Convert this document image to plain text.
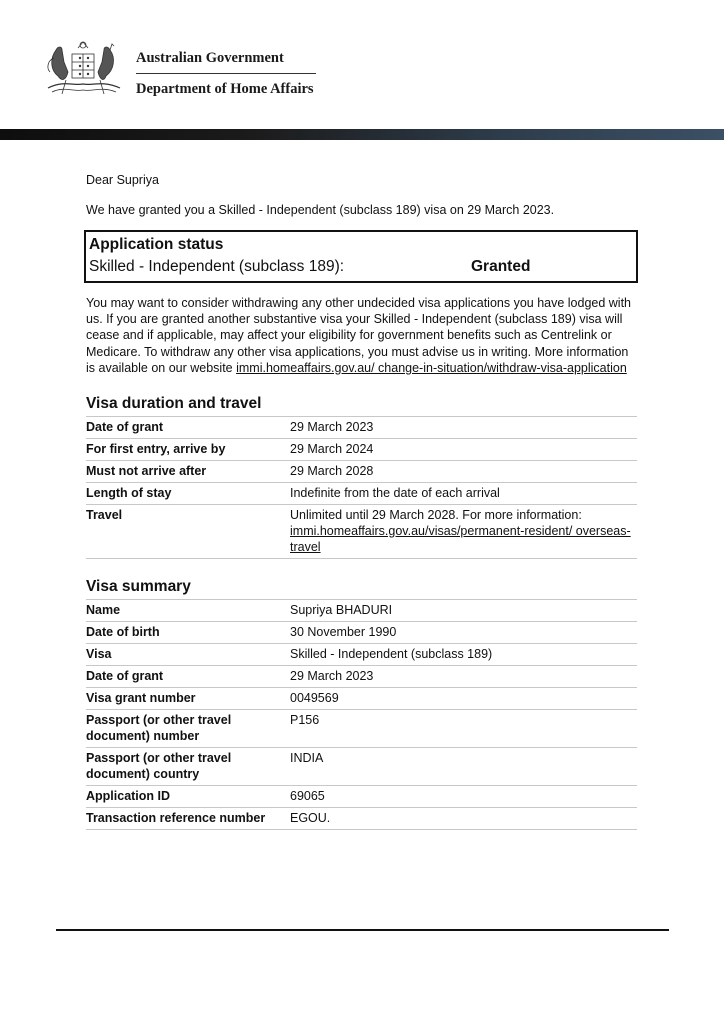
Australian Government
Department of Home Affairs

Dear Supriya

We have granted you a Skilled - Independent (subclass 189) visa on 29 March 2023.

Application status
Skilled - Independent (subclass 189):	Granted

You may want to consider withdrawing any other undecided visa applications you have lodged with us. If you are granted another substantive visa your Skilled - Independent (subclass 189) visa will cease and if applicable, may affect your eligibility for government benefits such as Centrelink or Medicare. To withdraw any other visa applications, you must advise us in writing. More information is available on our website immi.homeaffairs.gov.au/ change-in-situation/withdraw-visa-application

Visa duration and travel
Date of grant	29 March 2023
For first entry, arrive by	29 March 2024
Must not arrive after	29 March 2028
Length of stay	Indefinite from the date of each arrival
Travel	Unlimited until 29 March 2028. For more information: immi.homeaffairs.gov.au/visas/permanent-resident/ overseas-travel
Visa summary
Name	Supriya BHADURI
Date of birth	30 November 1990
Visa	Skilled - Independent (subclass 189)
Date of grant	29 March 2023
Visa grant number	0049569
Passport (or other travel document) number	P156
Passport (or other travel document) country	INDIA
Application ID	69065
Transaction reference number	EGOU.
